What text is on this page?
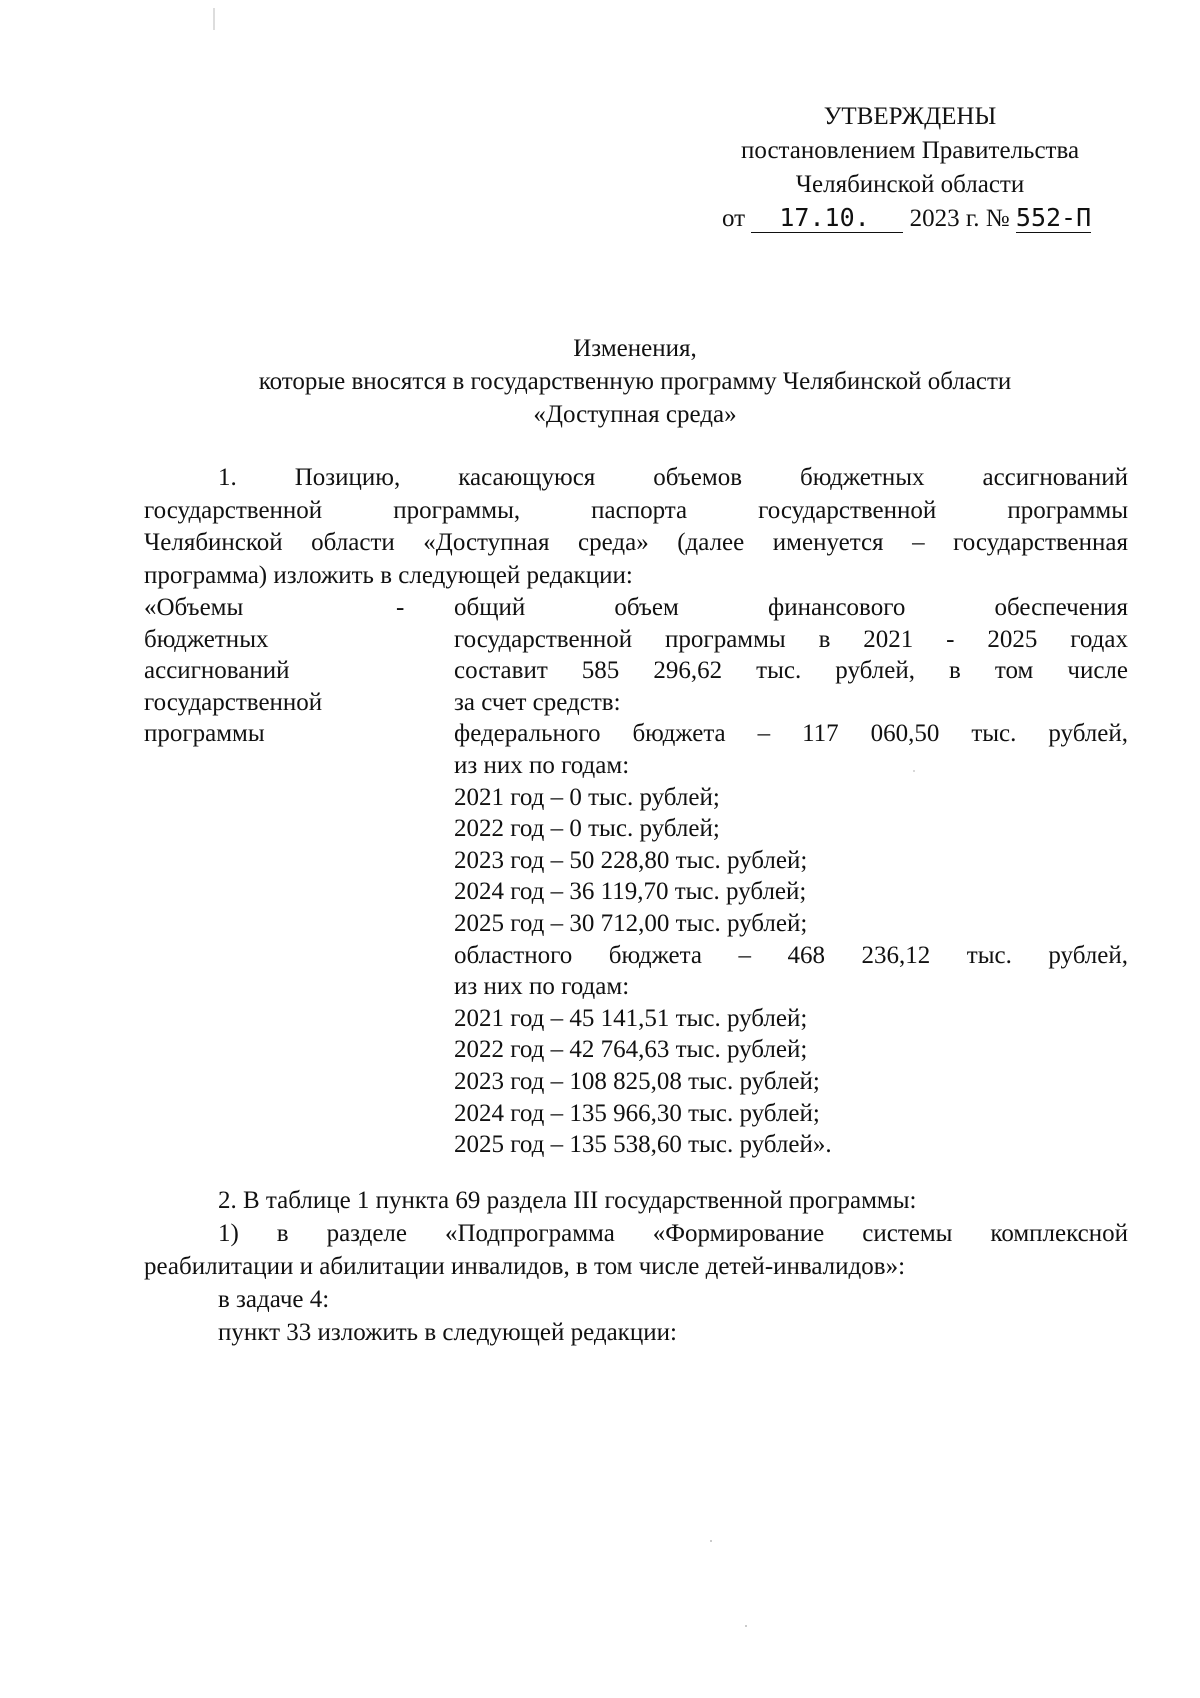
УТВЕРЖДЕНЫ
постановлением Правительства
Челябинской области
от 17.10. 2023 г. № 552-П
Изменения,
которые вносятся в государственную программу Челябинской области
«Доступная среда»
1. Позицию, касающуюся объемов бюджетных ассигнований
государственной программы, паспорта государственной программы
Челябинской области «Доступная среда» (далее именуется – государственная
программа) изложить в следующей редакции:
«Объемы
бюджетных
ассигнований
государственной
программы
- общий объем финансового обеспечения
государственной программы в 2021 - 2025 годах
составит 585 296,62 тыс. рублей, в том числе
за счет средств:
федерального бюджета – 117 060,50 тыс. рублей,
из них по годам:
2021 год – 0 тыс. рублей;
2022 год – 0 тыс. рублей;
2023 год – 50 228,80 тыс. рублей;
2024 год – 36 119,70 тыс. рублей;
2025 год – 30 712,00 тыс. рублей;
областного бюджета – 468 236,12 тыс. рублей,
из них по годам:
2021 год – 45 141,51 тыс. рублей;
2022 год – 42 764,63 тыс. рублей;
2023 год – 108 825,08 тыс. рублей;
2024 год – 135 966,30 тыс. рублей;
2025 год – 135 538,60 тыс. рублей».
2. В таблице 1 пункта 69 раздела III государственной программы:
1) в разделе «Подпрограмма «Формирование системы комплексной
реабилитации и абилитации инвалидов, в том числе детей-инвалидов»:
в задаче 4:
пункт 33 изложить в следующей редакции:
